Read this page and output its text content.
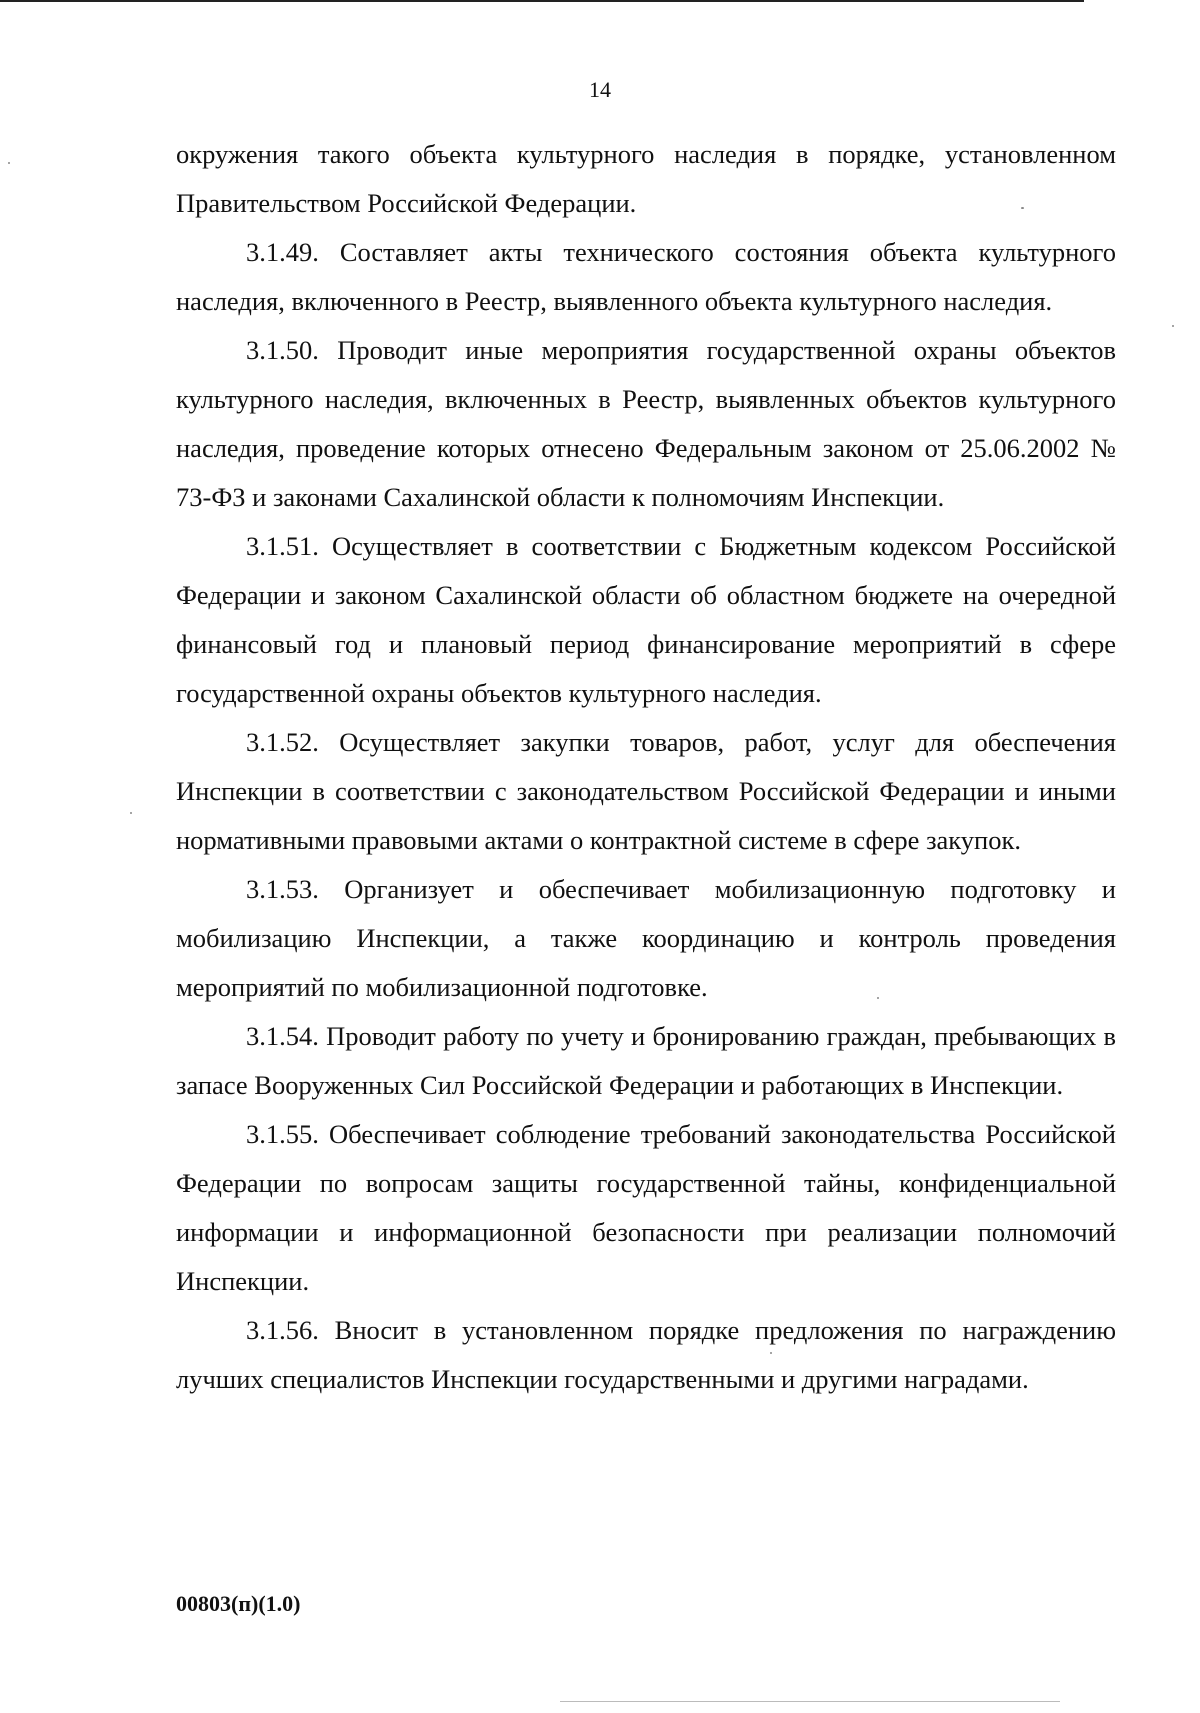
14

окружения такого объекта культурного наследия в порядке, установленном Правительством Российской Федерации.

3.1.49. Составляет акты технического состояния объекта культурного наследия, включенного в Реестр, выявленного объекта культурного наследия.

3.1.50. Проводит иные мероприятия государственной охраны объектов культурного наследия, включенных в Реестр, выявленных объектов культурного наследия, проведение которых отнесено Федеральным законом от 25.06.2002 № 73-ФЗ и законами Сахалинской области к полномочиям Инспекции.

3.1.51. Осуществляет в соответствии с Бюджетным кодексом Российской Федерации и законом Сахалинской области об областном бюджете на очередной финансовый год и плановый период финансирование мероприятий в сфере государственной охраны объектов культурного наследия.

3.1.52. Осуществляет закупки товаров, работ, услуг для обеспечения Инспекции в соответствии с законодательством Российской Федерации и иными нормативными правовыми актами о контрактной системе в сфере закупок.

3.1.53. Организует и обеспечивает мобилизационную подготовку и мобилизацию Инспекции, а также координацию и контроль проведения мероприятий по мобилизационной подготовке.

3.1.54. Проводит работу по учету и бронированию граждан, пребывающих в запасе Вооруженных Сил Российской Федерации и работающих в Инспекции.

3.1.55. Обеспечивает соблюдение требований законодательства Российской Федерации по вопросам защиты государственной тайны, конфиденциальной информации и информационной безопасности при реализации полномочий Инспекции.

3.1.56. Вносит в установленном порядке предложения по награждению лучших специалистов Инспекции государственными и другими наградами.

00803(п)(1.0)
